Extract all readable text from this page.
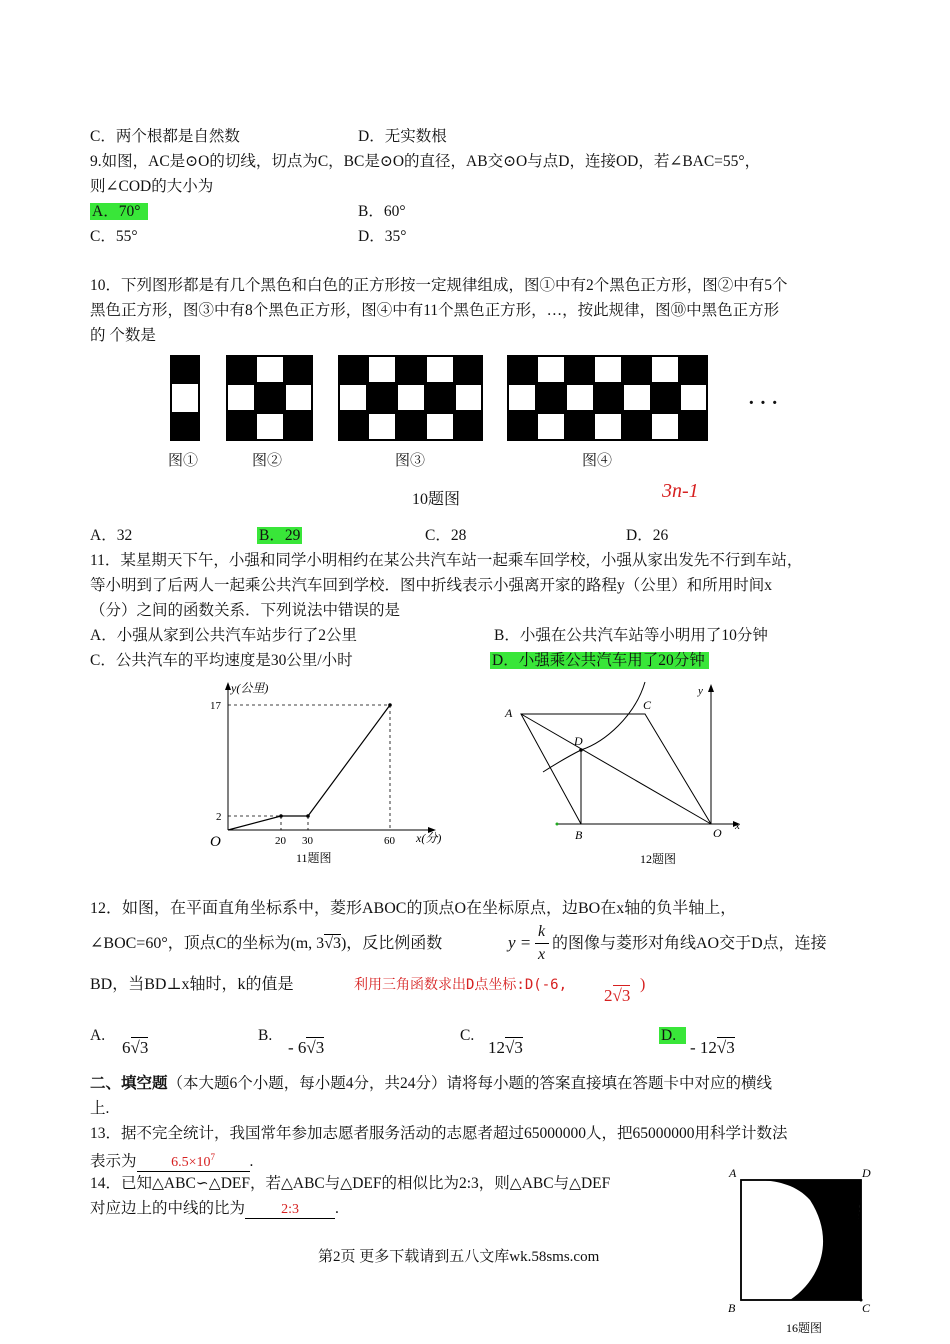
C．两个根都是自然数	D．无实数根
9.如图，AC是⊙O的切线，切点为C，BC是⊙O的直径，AB交⊙O与点D，连接OD，若∠BAC=55°，
则∠COD的大小为
A．70°	B．60°
C．55°	D．35°
10．下列图形都是有几个黑色和白色的正方形按一定规律组成，图①中有2个黑色正方形，图②中有5个
黑色正方形，图③中有8个黑色正方形，图④中有11个黑色正方形，…，按此规律，图⑩中黑色正方形
的 个数是
· · ·
图①	图②	图③	图④
10题图	3n-1
A．32	B．29	C．28	D．26
11．某星期天下午，小强和同学小明相约在某公共汽车站一起乘车回学校，小强从家出发先不行到车站，
等小明到了后两人一起乘公共汽车回到学校．图中折线表示小强离开家的路程y（公里）和所用时间x
（分）之间的函数关系．下列说法中错误的是
A．小强从家到公共汽车站步行了2公里	B．小强在公共汽车站等小明用了10分钟
C．公共汽车的平均速度是30公里/小时	D．小强乘公共汽车用了20分钟
y(公里)
x(分)
17
2
O	20 30	60
11题图
A
C
D
B	O x
y
12题图
12．如图，在平面直角坐标系中，菱形ABOC的顶点O在坐标原点，边BO在x轴的负半轴上，
∠BOC=60°，顶点C的坐标为(m, 3√3)，反比例函数	y =
k
x
的图像与菱形对角线AO交于D点，连接
BD，当BD⊥x轴时，k的值是	利用三角函数求出D点坐标:D(-6,
2√3
)
A.
6√3
B.
- 6√3
C.
12√3
D.
- 12√3
二、填空题（本大题6个小题，每小题4分，共24分）请将每小题的答案直接填在答题卡中对应的横线
上.
13．据不完全统计，我国常年参加志愿者服务活动的志愿者超过65000000人，把65000000用科学计数法
表示为 $6.5\times 10^7$ .
14．已知△ABC∽△DEF，若△ABC与△DEF的相似比为2:3，则△ABC与△DEF
对应边上的中线的比为	2:3 .
第2页 更多下载请到五八文库wk.58sms.com
A	D
B	C
16题图
